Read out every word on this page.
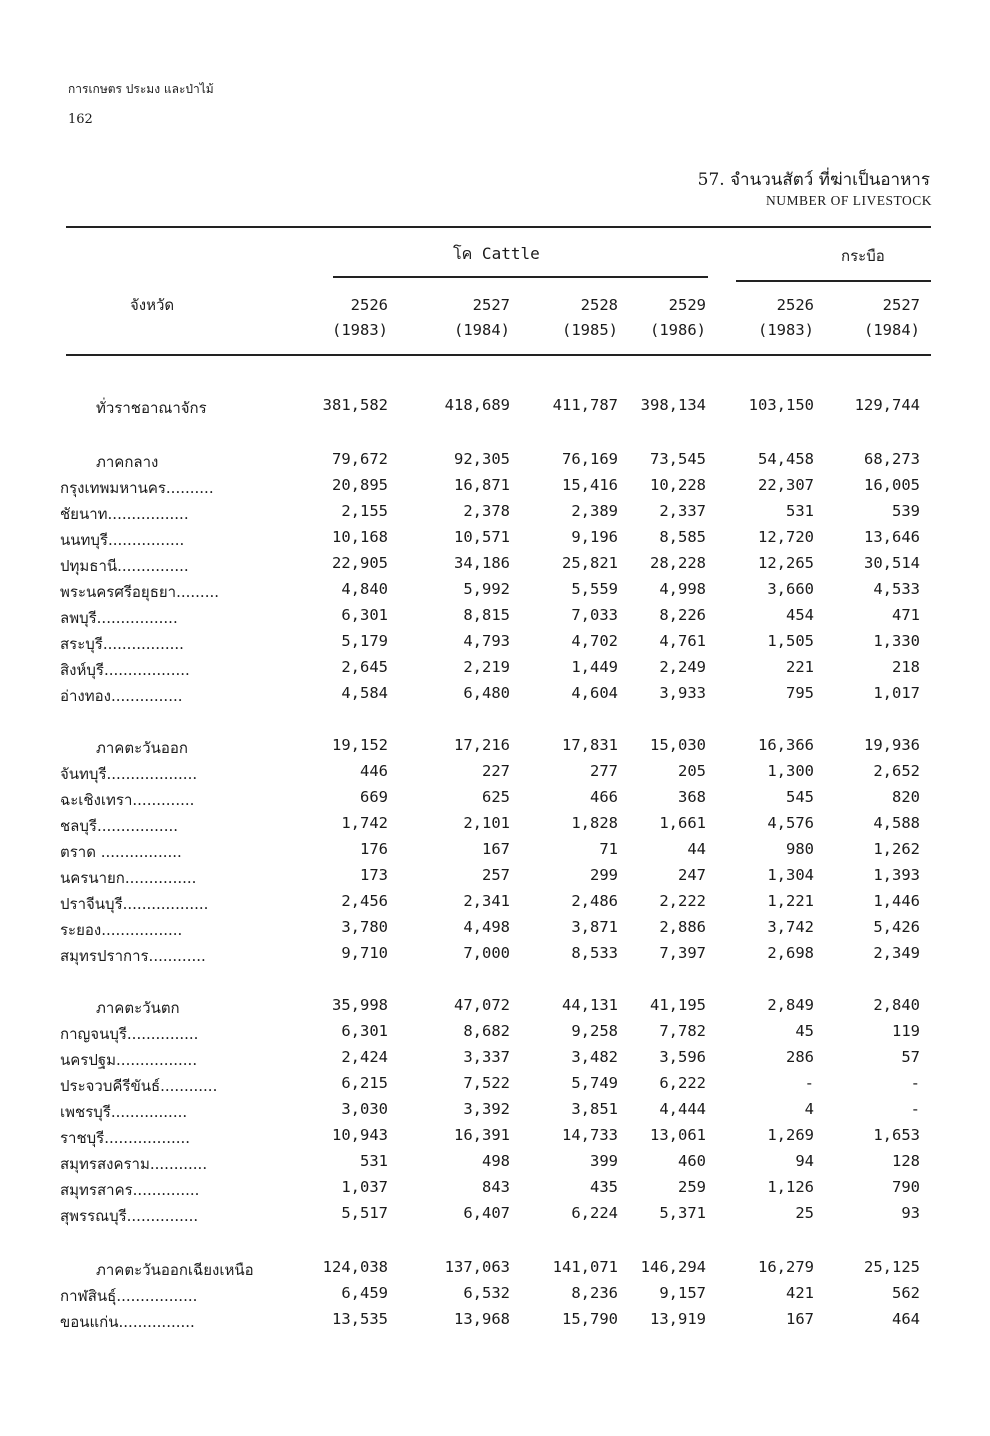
การเกษตร ประมง และป่าไม้
162
57. จำนวนสัตว์ ที่ฆ่าเป็นอาหาร
NUMBER OF LIVESTOCK
โค Cattle	กระบือ
จังหวัด	2526
(1983)
2527
(1984)
2528
(1985)
2529
(1986)
2526
(1983)
2527
(1984)
ทั่วราชอาณาจักร	381,582	418,689	411,787	398,134	103,150	129,744
ภาคกลาง	79,672	92,305	76,169	73,545	54,458	68,273
กรุงเทพมหานคร..........	20,895	16,871	15,416	10,228	22,307	16,005
ชัยนาท.................	2,155	2,378	2,389	2,337	531	539
นนทบุรี................	10,168	10,571	9,196	8,585	12,720	13,646
ปทุมธานี...............	22,905	34,186	25,821	28,228	12,265	30,514
พระนครศรีอยุธยา.........	4,840	5,992	5,559	4,998	3,660	4,533
ลพบุรี.................	6,301	8,815	7,033	8,226	454	471
สระบุรี.................	5,179	4,793	4,702	4,761	1,505	1,330
สิงห์บุรี..................	2,645	2,219	1,449	2,249	221	218
อ่างทอง...............	4,584	6,480	4,604	3,933	795	1,017
ภาคตะวันออก	19,152	17,216	17,831	15,030	16,366	19,936
จันทบุรี...................	446	227	277	205	1,300	2,652
ฉะเชิงเทรา.............	669	625	466	368	545	820
ชลบุรี.................	1,742	2,101	1,828	1,661	4,576	4,588
ตราด .................	176	167	71	44	980	1,262
นครนายก...............	173	257	299	247	1,304	1,393
ปราจีนบุรี..................	2,456	2,341	2,486	2,222	1,221	1,446
ระยอง.................	3,780	4,498	3,871	2,886	3,742	5,426
สมุทรปราการ............	9,710	7,000	8,533	7,397	2,698	2,349
ภาคตะวันตก	35,998	47,072	44,131	41,195	2,849	2,840
กาญจนบุรี...............	6,301	8,682	9,258	7,782	45	119
นครปฐม.................	2,424	3,337	3,482	3,596	286	57
ประจวบคีรีขันธ์............	6,215	7,522	5,749	6,222	-	-
เพชรบุรี................	3,030	3,392	3,851	4,444	4	-
ราชบุรี..................	10,943	16,391	14,733	13,061	1,269	1,653
สมุทรสงคราม............	531	498	399	460	94	128
สมุทรสาคร..............	1,037	843	435	259	1,126	790
สุพรรณบุรี...............	5,517	6,407	6,224	5,371	25	93
ภาคตะวันออกเฉียงเหนือ	124,038	137,063	141,071	146,294	16,279	25,125
กาฬสินธุ์.................	6,459	6,532	8,236	9,157	421	562
ขอนแก่น................	13,535	13,968	15,790	13,919	167	464
